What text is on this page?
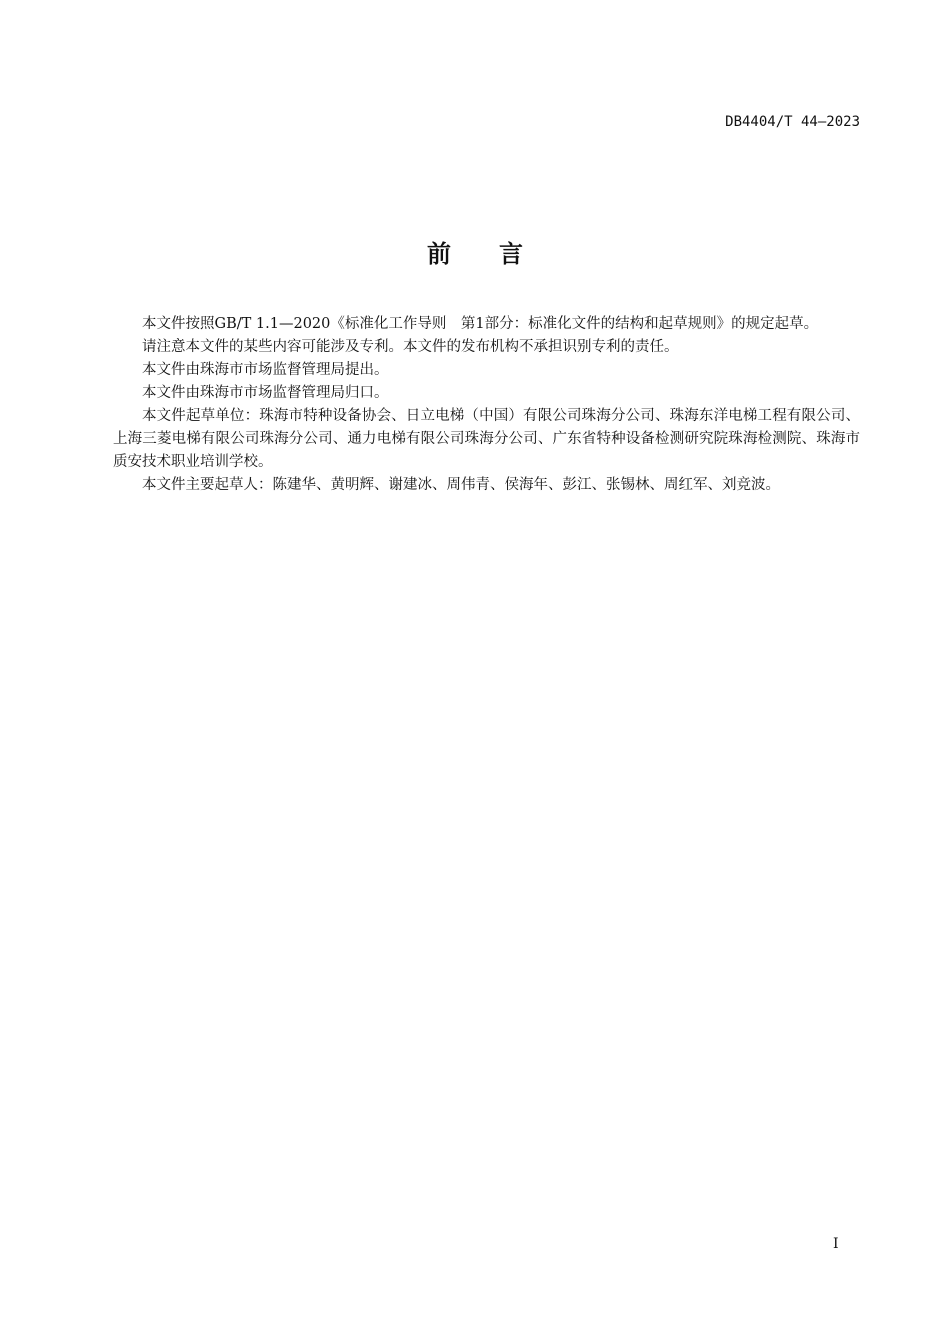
DB4404/T 44—2023
前　　言

本文件按照GB/T 1.1—2020《标准化工作导则　第1部分：标准化文件的结构和起草规则》的规定起草。

请注意本文件的某些内容可能涉及专利。本文件的发布机构不承担识别专利的责任。

本文件由珠海市市场监督管理局提出。

本文件由珠海市市场监督管理局归口。

本文件起草单位：珠海市特种设备协会、日立电梯（中国）有限公司珠海分公司、珠海东洋电梯工程有限公司、上海三菱电梯有限公司珠海分公司、通力电梯有限公司珠海分公司、广东省特种设备检测研究院珠海检测院、珠海市质安技术职业培训学校。

本文件主要起草人：陈建华、黄明辉、谢建冰、周伟青、侯海年、彭江、张锡林、周红军、刘竞波。

I
